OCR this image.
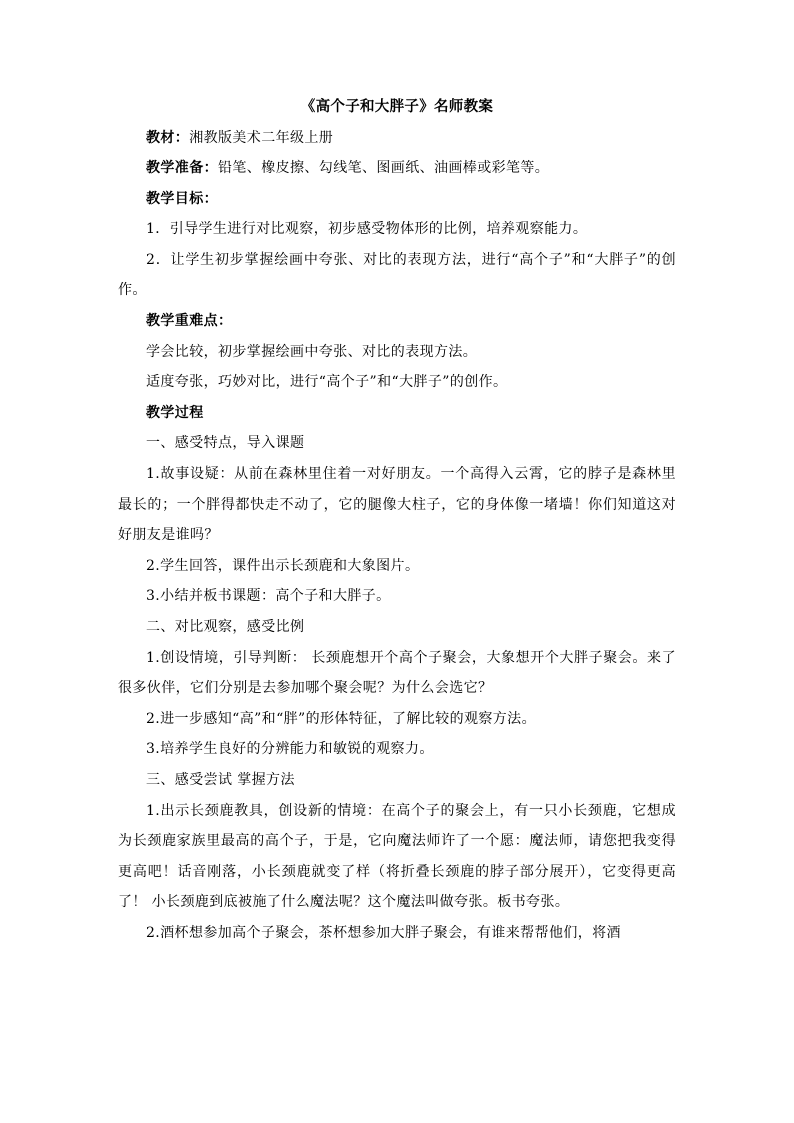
《高个子和大胖子》名师教案

教材：湘教版美术二年级上册

教学准备：铅笔、橡皮擦、勾线笔、图画纸、油画棒或彩笔等。

教学目标：

1．引导学生进行对比观察，初步感受物体形的比例，培养观察能力。

2．让学生初步掌握绘画中夸张、对比的表现方法，进行“高个子”和“大胖子”的创作。

教学重难点：

学会比较，初步掌握绘画中夸张、对比的表现方法。

适度夸张，巧妙对比，进行“高个子”和“大胖子”的创作。

教学过程

一、感受特点，导入课题

1.故事设疑：从前在森林里住着一对好朋友。一个高得入云霄，它的脖子是森林里最长的；一个胖得都快走不动了，它的腿像大柱子，它的身体像一堵墙！你们知道这对好朋友是谁吗？

2.学生回答，课件出示长颈鹿和大象图片。

3.小结并板书课题：高个子和大胖子。

二、对比观察，感受比例

1.创设情境，引导判断： 长颈鹿想开个高个子聚会，大象想开个大胖子聚会。来了很多伙伴，它们分别是去参加哪个聚会呢？为什么会选它？

2.进一步感知“高”和“胖”的形体特征，了解比较的观察方法。

3.培养学生良好的分辨能力和敏锐的观察力。

三、感受尝试 掌握方法

1.出示长颈鹿教具，创设新的情境：在高个子的聚会上，有一只小长颈鹿，它想成为长颈鹿家族里最高的高个子，于是，它向魔法师许了一个愿：魔法师，请您把我变得更高吧！话音刚落，小长颈鹿就变了样（将折叠长颈鹿的脖子部分展开），它变得更高了！ 小长颈鹿到底被施了什么魔法呢？这个魔法叫做夸张。板书夸张。

2.酒杯想参加高个子聚会，茶杯想参加大胖子聚会，有谁来帮帮他们，将酒
